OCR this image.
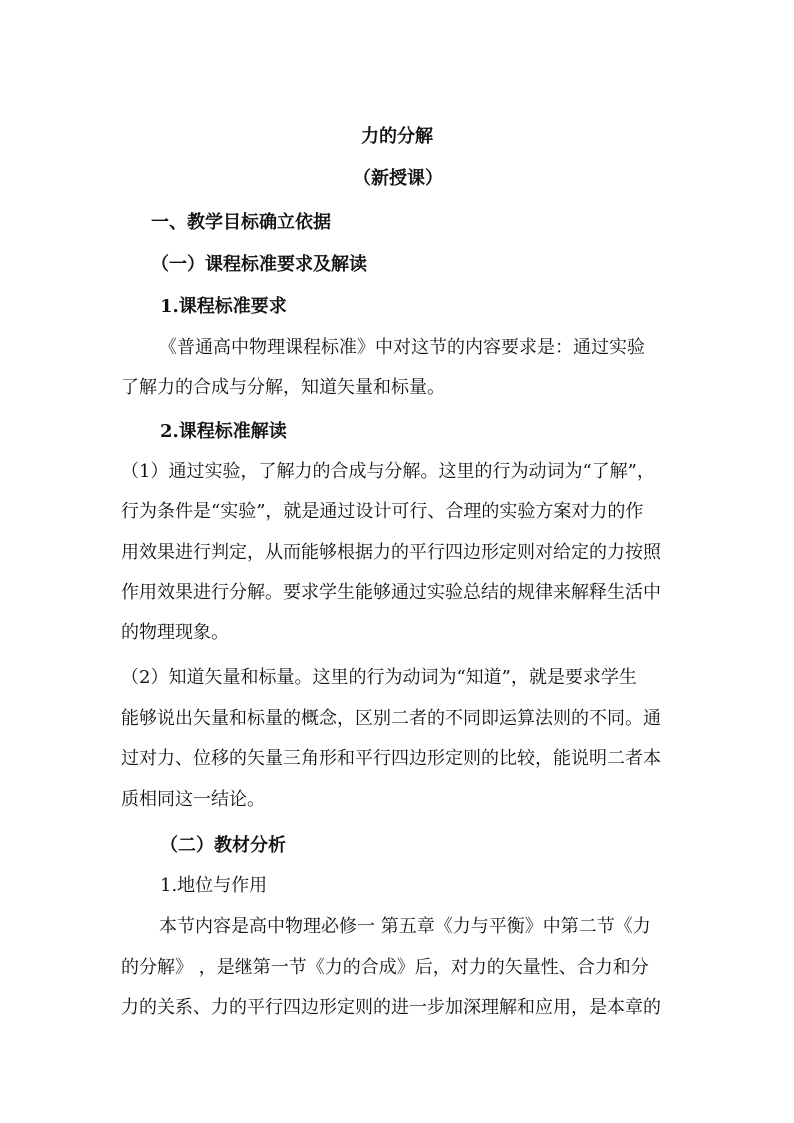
力的分解
（新授课）
一、教学目标确立依据
（一）课程标准要求及解读
1.课程标准要求
《普通高中物理课程标准》中对这节的内容要求是：通过实验
了解力的合成与分解，知道矢量和标量。
2.课程标准解读
（1）通过实验，了解力的合成与分解。这里的行为动词为“了解”，
行为条件是“实验”，就是通过设计可行、合理的实验方案对力的作
用效果进行判定，从而能够根据力的平行四边形定则对给定的力按照
作用效果进行分解。要求学生能够通过实验总结的规律来解释生活中
的物理现象。
（2）知道矢量和标量。这里的行为动词为“知道”，就是要求学生
能够说出矢量和标量的概念，区别二者的不同即运算法则的不同。通
过对力、位移的矢量三角形和平行四边形定则的比较，能说明二者本
质相同这一结论。
（二）教材分析
1.地位与作用
本节内容是高中物理必修一 第五章《力与平衡》中第二节《力
的分解》 ，是继第一节《力的合成》后，对力的矢量性、合力和分
力的关系、力的平行四边形定则的进一步加深理解和应用，是本章的
